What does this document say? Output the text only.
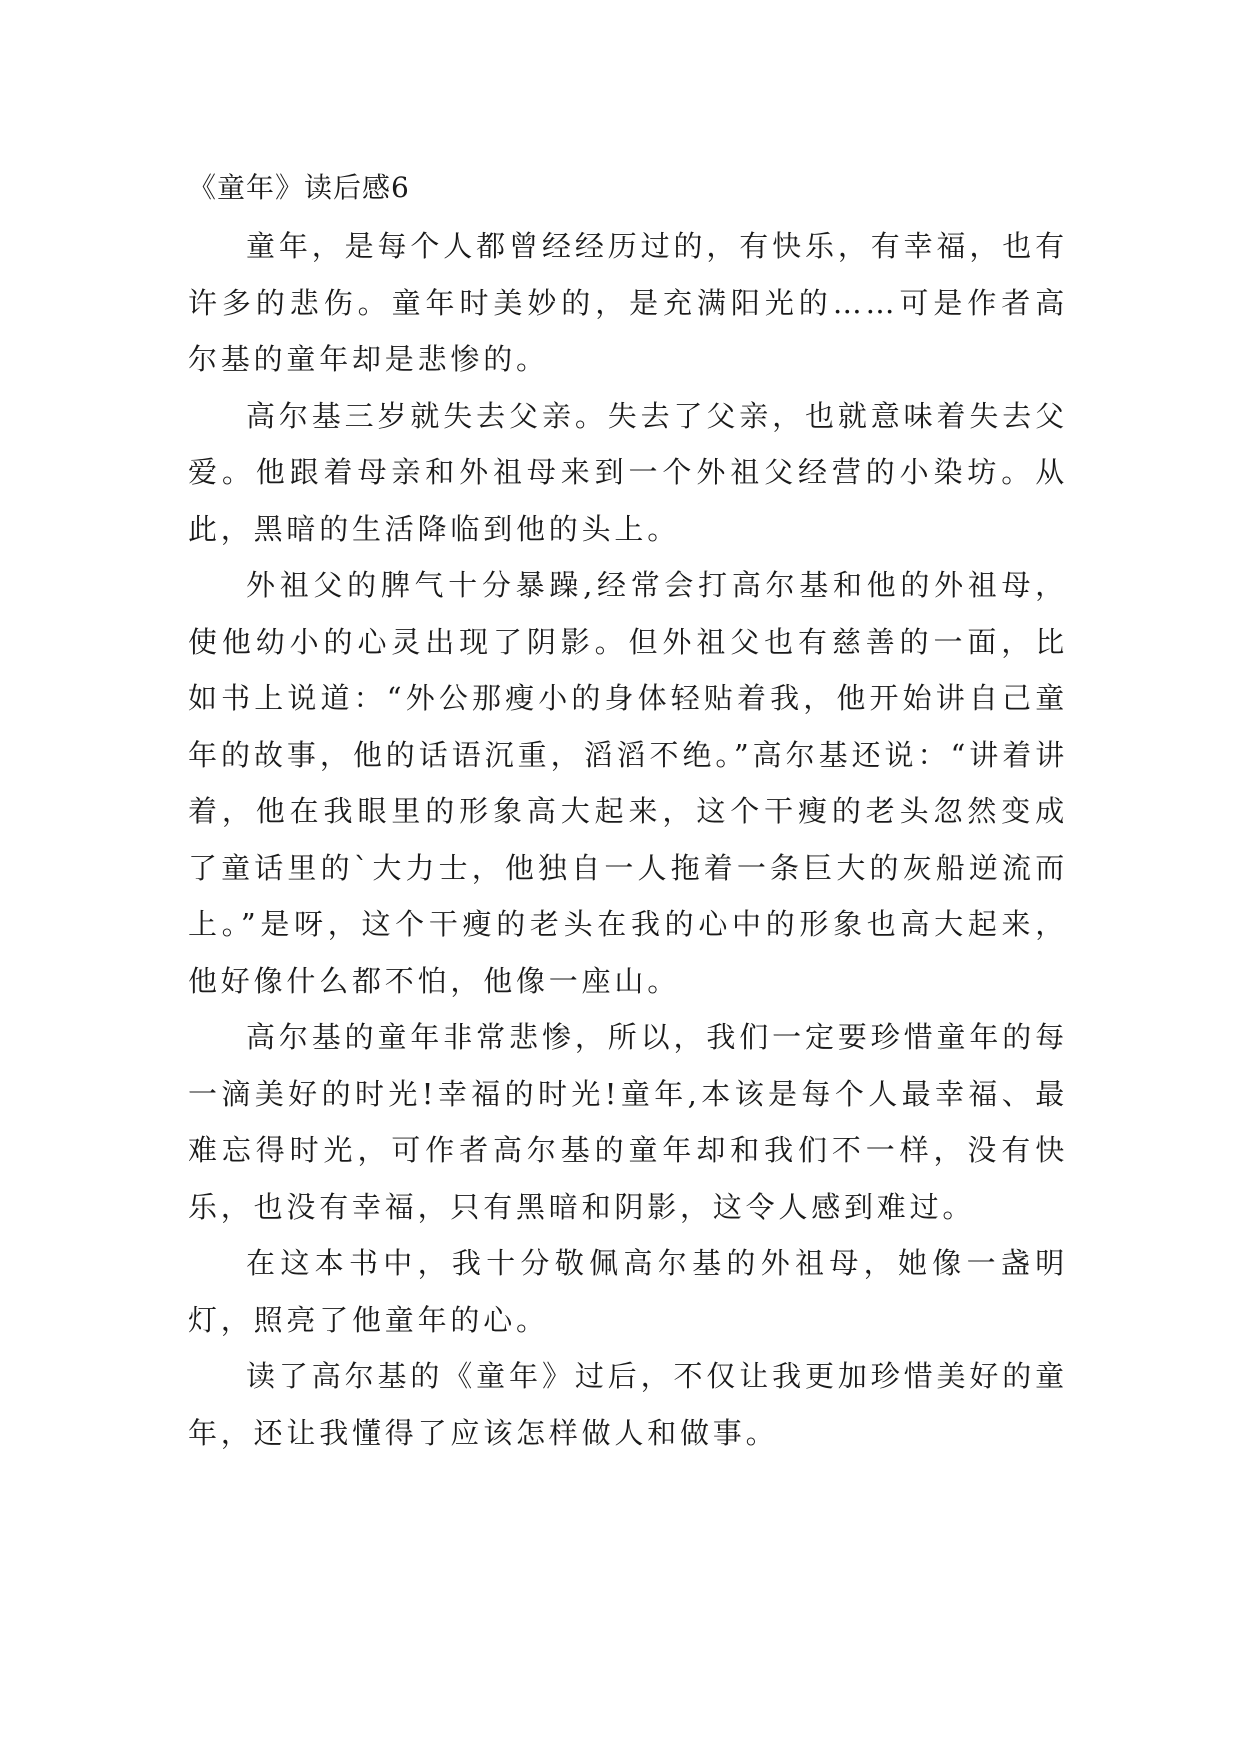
《童年》读后感6

童年，是每个人都曾经经历过的，有快乐，有幸福，也有许多的悲伤。童年时美妙的，是充满阳光的……可是作者高尔基的童年却是悲惨的。

高尔基三岁就失去父亲。失去了父亲，也就意味着失去父爱。他跟着母亲和外祖母来到一个外祖父经营的小染坊。从此，黑暗的生活降临到他的头上。

外祖父的脾气十分暴躁,经常会打高尔基和他的外祖母，使他幼小的心灵出现了阴影。但外祖父也有慈善的一面，比如书上说道：“外公那瘦小的身体轻贴着我，他开始讲自己童年的故事，他的话语沉重，滔滔不绝。”高尔基还说：“讲着讲着，他在我眼里的形象高大起来，这个干瘦的老头忽然变成了童话里的`大力士，他独自一人拖着一条巨大的灰船逆流而上。”是呀，这个干瘦的老头在我的心中的形象也高大起来，他好像什么都不怕，他像一座山。

高尔基的童年非常悲惨，所以，我们一定要珍惜童年的每一滴美好的时光!幸福的时光!童年,本该是每个人最幸福、最难忘得时光，可作者高尔基的童年却和我们不一样，没有快乐，也没有幸福，只有黑暗和阴影，这令人感到难过。

在这本书中，我十分敬佩高尔基的外祖母，她像一盏明灯，照亮了他童年的心。

读了高尔基的《童年》过后，不仅让我更加珍惜美好的童年，还让我懂得了应该怎样做人和做事。
